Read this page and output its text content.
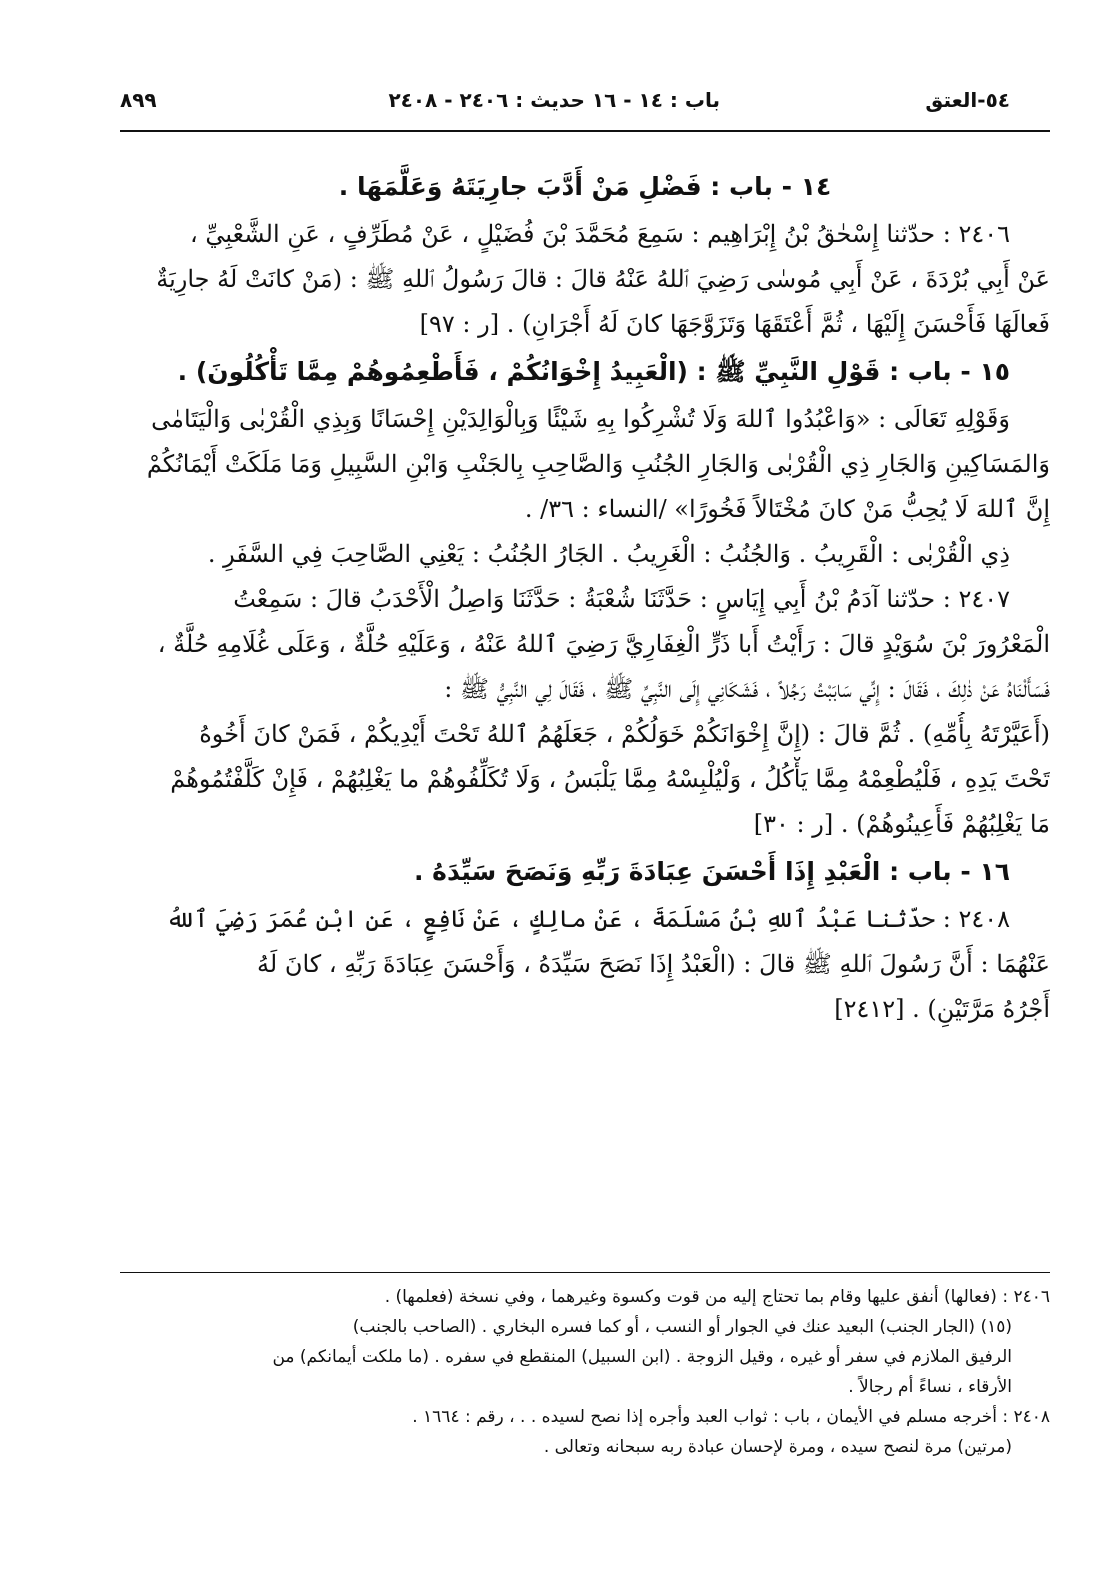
٥٤-العتق
باب : ١٤ - ١٦ حديث : ٢٤٠٦ - ٢٤٠٨
٨٩٩
١٤ - باب : فَضْلِ مَنْ أَدَّبَ جارِيَتَهُ وَعَلَّمَهَا .
٢٤٠٦ : حدّثنا إِسْحٰقُ بْنُ إِبْرَاهِيم : سَمِعَ مُحَمَّدَ بْنَ فُضَيْلٍ ، عَنْ مُطَرِّفٍ ، عَنِ الشَّعْبِيِّ ،
عَنْ أَبِي بُرْدَةَ ، عَنْ أَبِي مُوسٰى رَضِيَ ٱللهُ عَنْهُ قالَ : قالَ رَسُولُ ٱللهِ ﷺ : (مَنْ كانَتْ لَهُ جارِيَةٌ
فَعالَهَا فَأَحْسَنَ إِلَيْهَا ، ثُمَّ أَعْتَقَهَا وَتَزَوَّجَهَا كانَ لَهُ أَجْرَانِ) . [ر : ٩٧]
١٥ - باب : قَوْلِ النَّبِيِّ ﷺ : (الْعَبِيدُ إِخْوَانُكُمْ ، فَأَطْعِمُوهُمْ مِمَّا تَأْكُلُونَ) .
وَقَوْلِهِ تَعَالَى : «وَاعْبُدُوا ٱللهَ وَلَا تُشْرِكُوا بِهِ شَيْئًا وَبِالْوَالِدَيْنِ إِحْسَانًا وَبِذِي الْقُرْبٰى وَالْيَتَامٰى
وَالمَسَاكِينِ وَالجَارِ ذِي الْقُرْبٰى وَالجَارِ الجُنُبِ وَالصَّاحِبِ بِالجَنْبِ وَابْنِ السَّبِيلِ وَمَا مَلَكَتْ أَيْمَانُكُمْ
إِنَّ ٱللهَ لَا يُحِبُّ مَنْ كانَ مُخْتَالاً فَخُورًا» /النساء : ٣٦/ .
ذِي الْقُرْبٰى : الْقَرِيبُ . وَالجُنُبُ : الْغَرِيبُ . الجَارُ الجُنُبُ : يَعْنِي الصَّاحِبَ فِي السَّفَرِ .
٢٤٠٧ : حدّثنا آدَمُ بْنُ أَبِي إِيَاسٍ : حَدَّثَنَا شُعْبَةُ : حَدَّثَنَا وَاصِلُ الْأَحْدَبُ قالَ : سَمِعْتُ
الْمَعْرُورَ بْنَ سُوَيْدٍ قالَ : رَأَيْتُ أَبا ذَرٍّ الْغِفَارِيَّ رَضِيَ ٱللهُ عَنْهُ ، وَعَلَيْهِ حُلَّةٌ ، وَعَلَى غُلَامِهِ حُلَّةٌ ،
فَسَأَلْنَاهُ عَنْ ذٰلِكَ ، فَقَالَ : إِنِّي سَابَبْتُ رَجُلاً ، فَشَكَانِي إِلَى النَّبِيِّ ﷺ ، فَقَالَ لِي النَّبِيُّ ﷺ :
(أَعَيَّرْتَهُ بِأُمِّهِ) . ثُمَّ قالَ : (إِنَّ إِخْوَانَكُمْ خَوَلُكُمْ ، جَعَلَهُمُ ٱللهُ تَحْتَ أَيْدِيكُمْ ، فَمَنْ كانَ أَخُوهُ
تَحْتَ يَدِهِ ، فَلْيُطْعِمْهُ مِمَّا يَأْكُلُ ، وَلْيُلْبِسْهُ مِمَّا يَلْبَسُ ، وَلَا تُكَلِّفُوهُمْ ما يَغْلِبُهُمْ ، فَإِنْ كَلَّفْتُمُوهُمْ
مَا يَغْلِبُهُمْ فَأَعِينُوهُمْ) . [ر : ٣٠]
١٦ - باب : الْعَبْدِ إِذَا أَحْسَنَ عِبَادَةَ رَبِّهِ وَنَصَحَ سَيِّدَهُ .
٢٤٠٨ : حدّثنا عَبْدُ ٱللهِ بْنُ مَسْلَمَةَ ، عَنْ مالِكٍ ، عَنْ نَافِعٍ ، عَنِ ابْنِ عُمَرَ رَضِيَ ٱللهُ
عَنْهُمَا : أَنَّ رَسُولَ ٱللهِ ﷺ قالَ : (الْعَبْدُ إِذَا نَصَحَ سَيِّدَهُ ، وَأَحْسَنَ عِبَادَةَ رَبِّهِ ، كانَ لَهُ
أَجْرُهُ مَرَّتَيْنِ) . [٢٤١٢]
٢٤٠٦ : (فعالها) أنفق عليها وقام بما تحتاج إليه من قوت وكسوة وغيرهما ، وفي نسخة (فعلمها) .
(١٥) (الجار الجنب) البعيد عنك في الجوار أو النسب ، أو كما فسره البخاري . (الصاحب بالجنب)
الرفيق الملازم في سفر أو غيره ، وقيل الزوجة . (ابن السبيل) المنقطع في سفره . (ما ملكت أيمانكم) من
الأرقاء ، نساءً أم رجالاً .
٢٤٠٨ : أخرجه مسلم في الأيمان ، باب : ثواب العبد وأجره إذا نصح لسيده . . ، رقم : ١٦٦٤ .
(مرتين) مرة لنصح سيده ، ومرة لإحسان عبادة ربه سبحانه وتعالى .
